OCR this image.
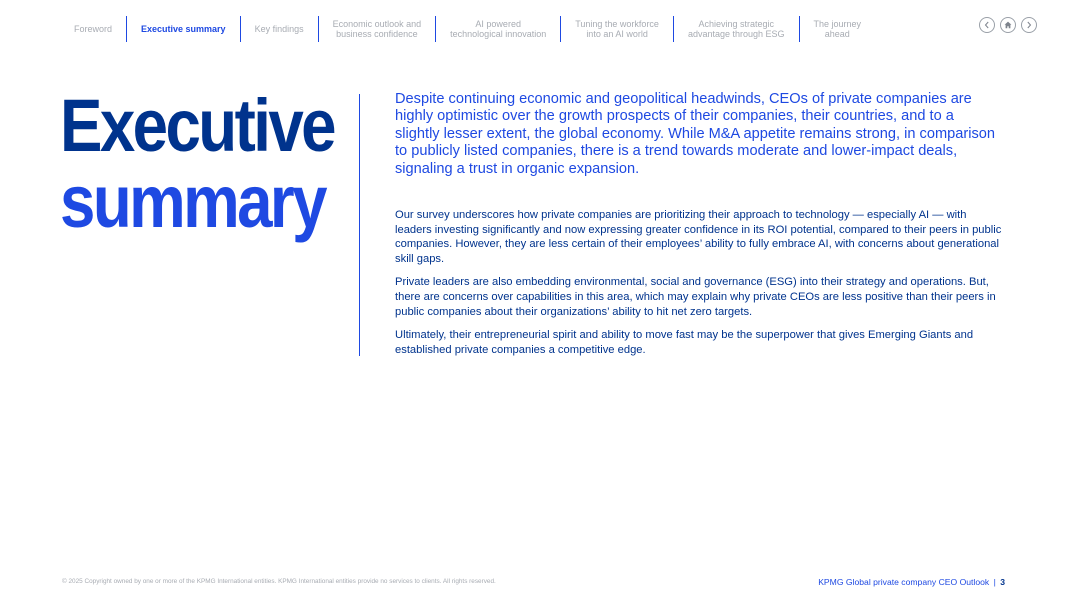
Foreword	Executive summary	Key findings	Economic outlook and
business confidence
AI powered
technological innovation
Tuning the workforce
into an AI world
Achieving strategic
advantage through ESG
The journey
ahead
Executive
summary

Despite continuing economic and geopolitical headwinds, CEOs of private companies are highly optimistic over the growth prospects of their companies, their countries, and to a slightly lesser extent, the global economy. While M&A appetite remains strong, in comparison to publicly listed companies, there is a trend towards moderate and lower-impact deals, signaling a trust in organic expansion.

Our survey underscores how private companies are prioritizing their approach to technology — especially AI — with leaders investing significantly and now expressing greater confidence in its ROI potential, compared to their peers in public companies. However, they are less certain of their employees’ ability to fully embrace AI, with concerns about generational skill gaps.

Private leaders are also embedding environmental, social and governance (ESG) into their strategy and operations. But, there are concerns over capabilities in this area, which may explain why private CEOs are less positive than their peers in public companies about their organizations’ ability to hit net zero targets.

Ultimately, their entrepreneurial spirit and ability to move fast may be the superpower that gives Emerging Giants and established private companies a competitive edge.

© 2025 Copyright owned by one or more of the KPMG International entities. KPMG International entities provide no services to clients. All rights reserved.	KPMG Global private company CEO Outlook | 3
